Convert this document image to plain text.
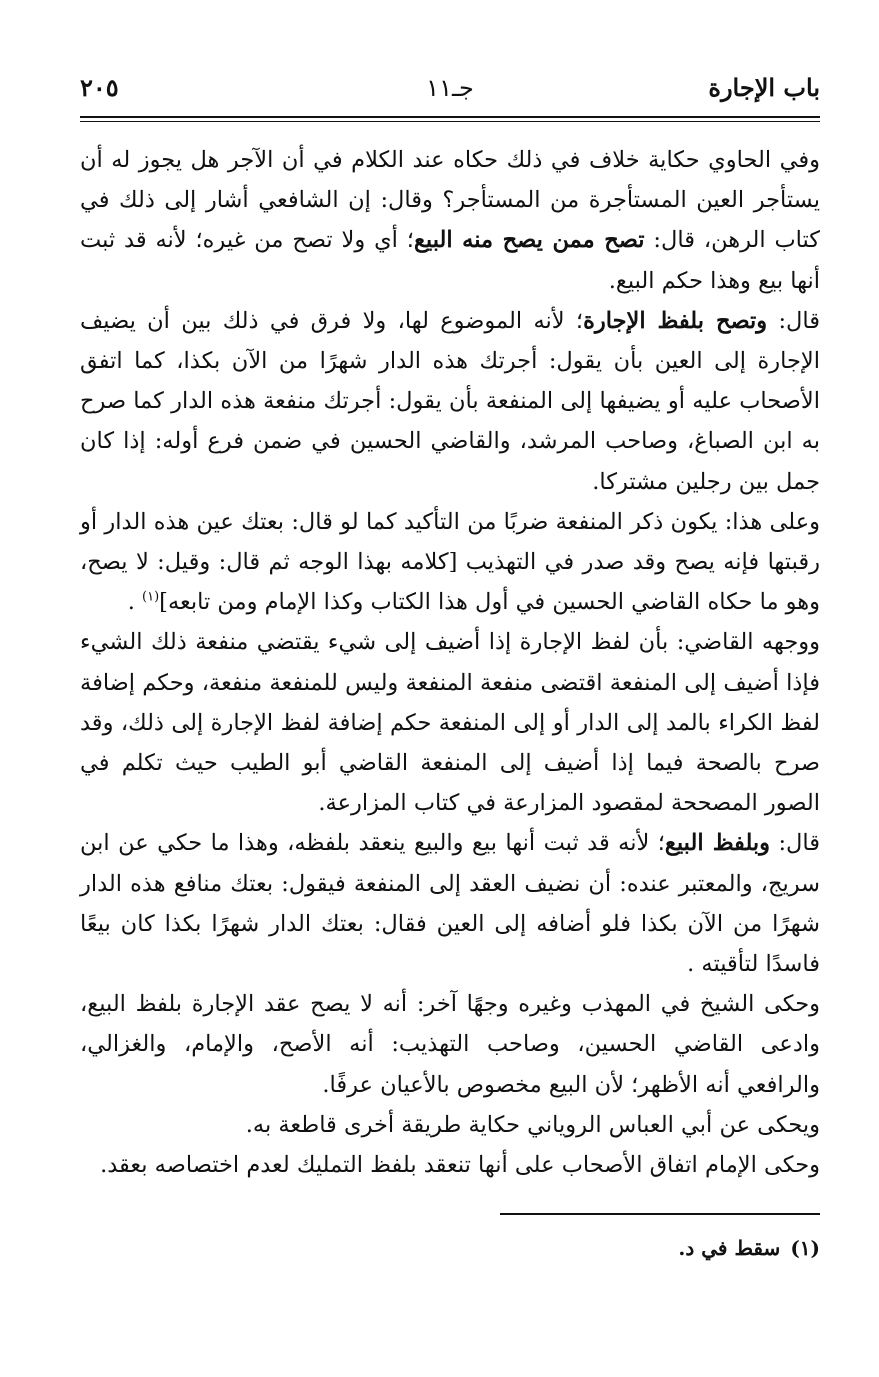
باب الإجارة
جـ١١
٢٠٥

وفي الحاوي حكاية خلاف في ذلك حكاه عند الكلام في أن الآجر هل يجوز له أن يستأجر العين المستأجرة من المستأجر؟ وقال: إن الشافعي أشار إلى ذلك في كتاب الرهن، قال: تصح ممن يصح منه البيع؛ أي ولا تصح من غيره؛ لأنه قد ثبت أنها بيع وهذا حكم البيع.

قال: وتصح بلفظ الإجارة؛ لأنه الموضوع لها، ولا فرق في ذلك بين أن يضيف الإجارة إلى العين بأن يقول: أجرتك هذه الدار شهرًا من الآن بكذا، كما اتفق الأصحاب عليه أو يضيفها إلى المنفعة بأن يقول: أجرتك منفعة هذه الدار كما صرح به ابن الصباغ، وصاحب المرشد، والقاضي الحسين في ضمن فرع أوله: إذا كان جمل بين رجلين مشتركا.

وعلى هذا: يكون ذكر المنفعة ضربًا من التأكيد كما لو قال: بعتك عين هذه الدار أو رقبتها فإنه يصح وقد صدر في التهذيب [كلامه بهذا الوجه ثم قال: وقيل: لا يصح، وهو ما حكاه القاضي الحسين في أول هذا الكتاب وكذا الإمام ومن تابعه]$^{(١)}$ .

ووجهه القاضي: بأن لفظ الإجارة إذا أضيف إلى شيء يقتضي منفعة ذلك الشيء فإذا أضيف إلى المنفعة اقتضى منفعة المنفعة وليس للمنفعة منفعة، وحكم إضافة لفظ الكراء بالمد إلى الدار أو إلى المنفعة حكم إضافة لفظ الإجارة إلى ذلك، وقد صرح بالصحة فيما إذا أضيف إلى المنفعة القاضي أبو الطيب حيث تكلم في الصور المصححة لمقصود المزارعة في كتاب المزارعة.

قال: وبلفظ البيع؛ لأنه قد ثبت أنها بيع والبيع ينعقد بلفظه، وهذا ما حكي عن ابن سريج، والمعتبر عنده: أن نضيف العقد إلى المنفعة فيقول: بعتك منافع هذه الدار شهرًا من الآن بكذا فلو أضافه إلى العين فقال: بعتك الدار شهرًا بكذا كان بيعًا فاسدًا لتأقيته .

وحكى الشيخ في المهذب وغيره وجهًا آخر: أنه لا يصح عقد الإجارة بلفظ البيع، وادعى القاضي الحسين، وصاحب التهذيب: أنه الأصح، والإمام، والغزالي، والرافعي أنه الأظهر؛ لأن البيع مخصوص بالأعيان عرفًا.

ويحكى عن أبي العباس الروياني حكاية طريقة أخرى قاطعة به.

وحكى الإمام اتفاق الأصحاب على أنها تنعقد بلفظ التمليك لعدم اختصاصه بعقد.

(١)سقط في د.
